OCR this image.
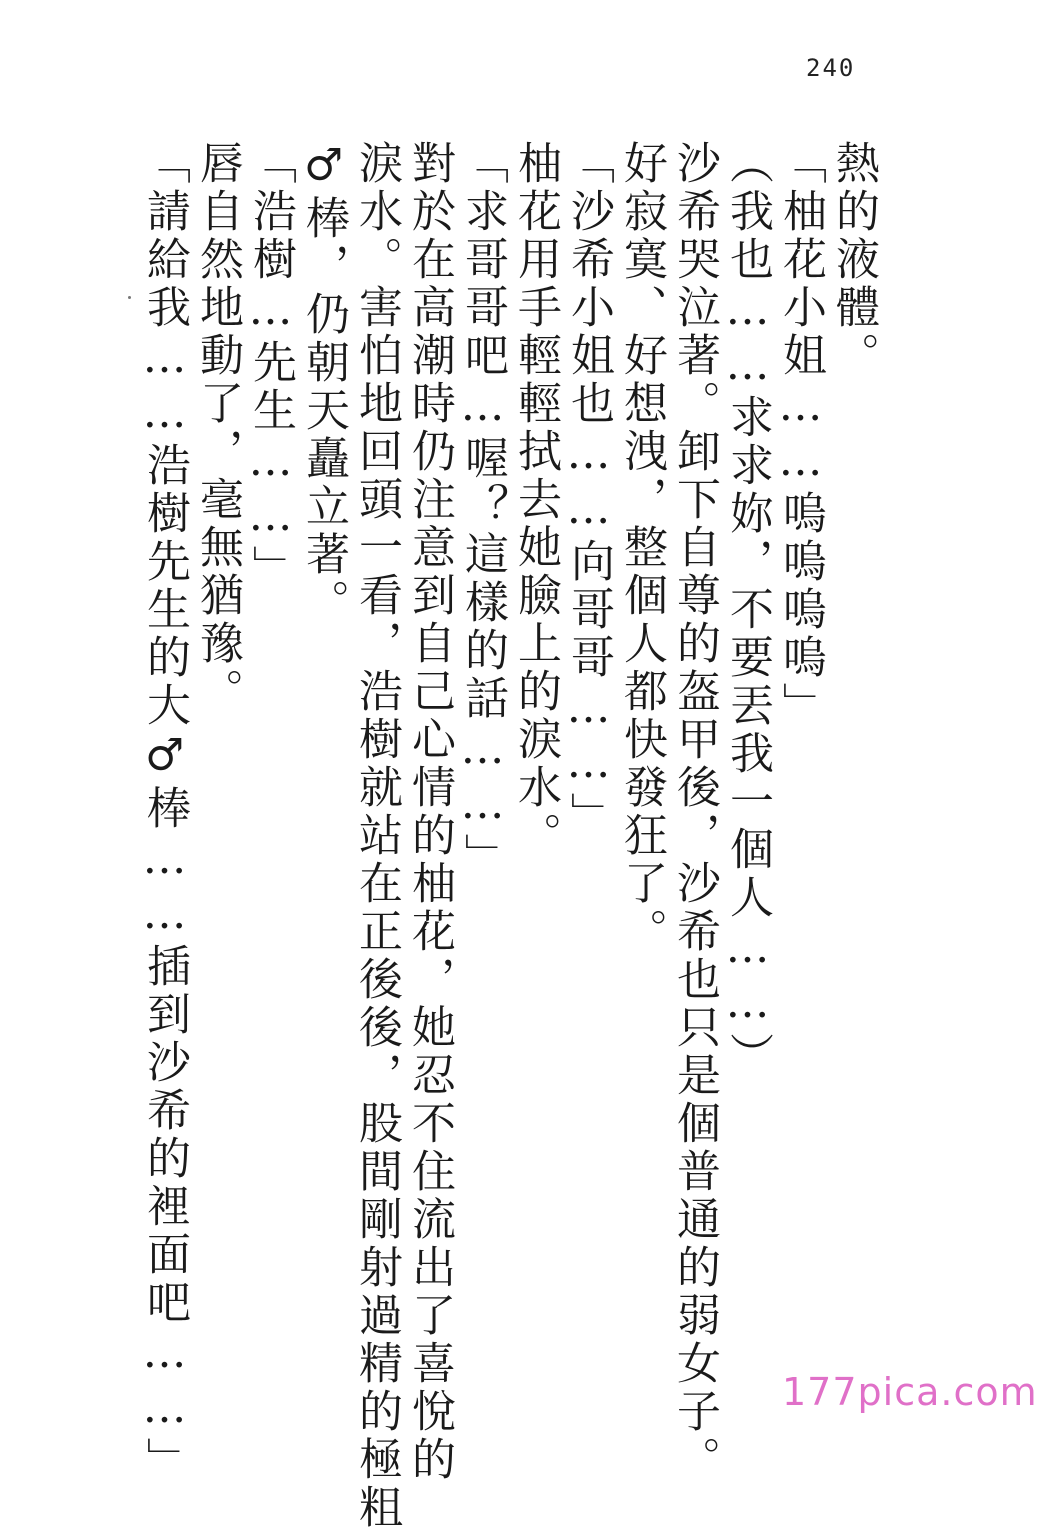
240

熱的液體。

「柚花小姐……嗚嗚嗚嗚」

（我也……求求妳，不要丟我一個人……）

沙希哭泣著。卸下自尊的盔甲後，沙希也只是個普通的弱女子。

好寂寞、好想洩，整個人都快發狂了。

「沙希小姐也……向哥哥……」

柚花用手輕輕拭去她臉上的淚水。

「求哥哥吧…喔？這樣的話……」

對於在高潮時仍注意到自己心情的柚花，她忍不住流出了喜悅的

淚水。害怕地回頭一看，浩樹就站在正後後，股間剛射過精的極粗

♂棒，仍朝天矗立著。

「浩樹…先生……」

唇自然地動了，毫無猶豫。

「請給我……浩樹先生的大♂棒……插到沙希的裡面吧……」	177pica.com
